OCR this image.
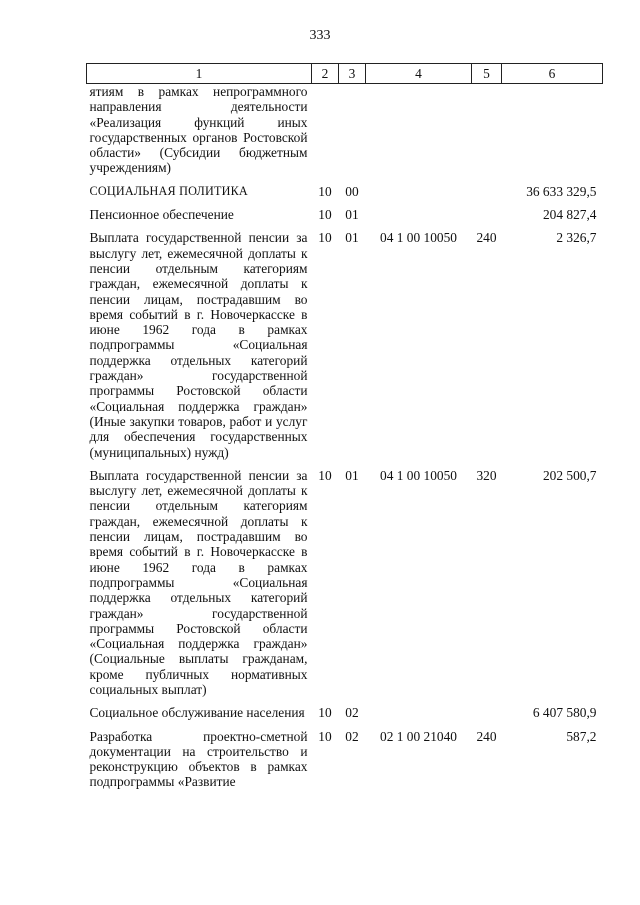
333
1	2	3	4	5	6
ятиям в рамках непрограммного направления деятельности «Реализация функций иных государственных органов Ростовской области» (Субсидии бюджетным учреждениям)					
СОЦИАЛЬНАЯ ПОЛИТИКА	10	00			36 633 329,5
Пенсионное обеспечение	10	01			204 827,4
Выплата государственной пенсии за выслугу лет, ежемесячной доплаты к пенсии отдельным категориям граждан, ежемесячной доплаты к пенсии лицам, пострадавшим во время событий в г. Новочеркасске в июне 1962 года в рамках подпрограммы «Социальная поддержка отдельных категорий граждан» государственной программы Ростовской области «Социальная поддержка граждан» (Иные закупки товаров, работ и услуг для обеспечения государственных (муниципальных) нужд)	10	01	04 1 00 10050	240	2 326,7
Выплата государственной пенсии за выслугу лет, ежемесячной доплаты к пенсии отдельным категориям граждан, ежемесячной доплаты к пенсии лицам, пострадавшим во время событий в г. Новочеркасске в июне 1962 года в рамках подпрограммы «Социальная поддержка отдельных категорий граждан» государственной программы Ростовской области «Социальная поддержка граждан» (Социальные выплаты гражданам, кроме публичных нормативных социальных выплат)	10	01	04 1 00 10050	320	202 500,7
Социальное обслуживание населения	10	02			6 407 580,9
Разработка проектно-сметной документации на строительство и реконструкцию объектов в рамках подпрограммы «Развитие	10	02	02 1 00 21040	240	587,2
